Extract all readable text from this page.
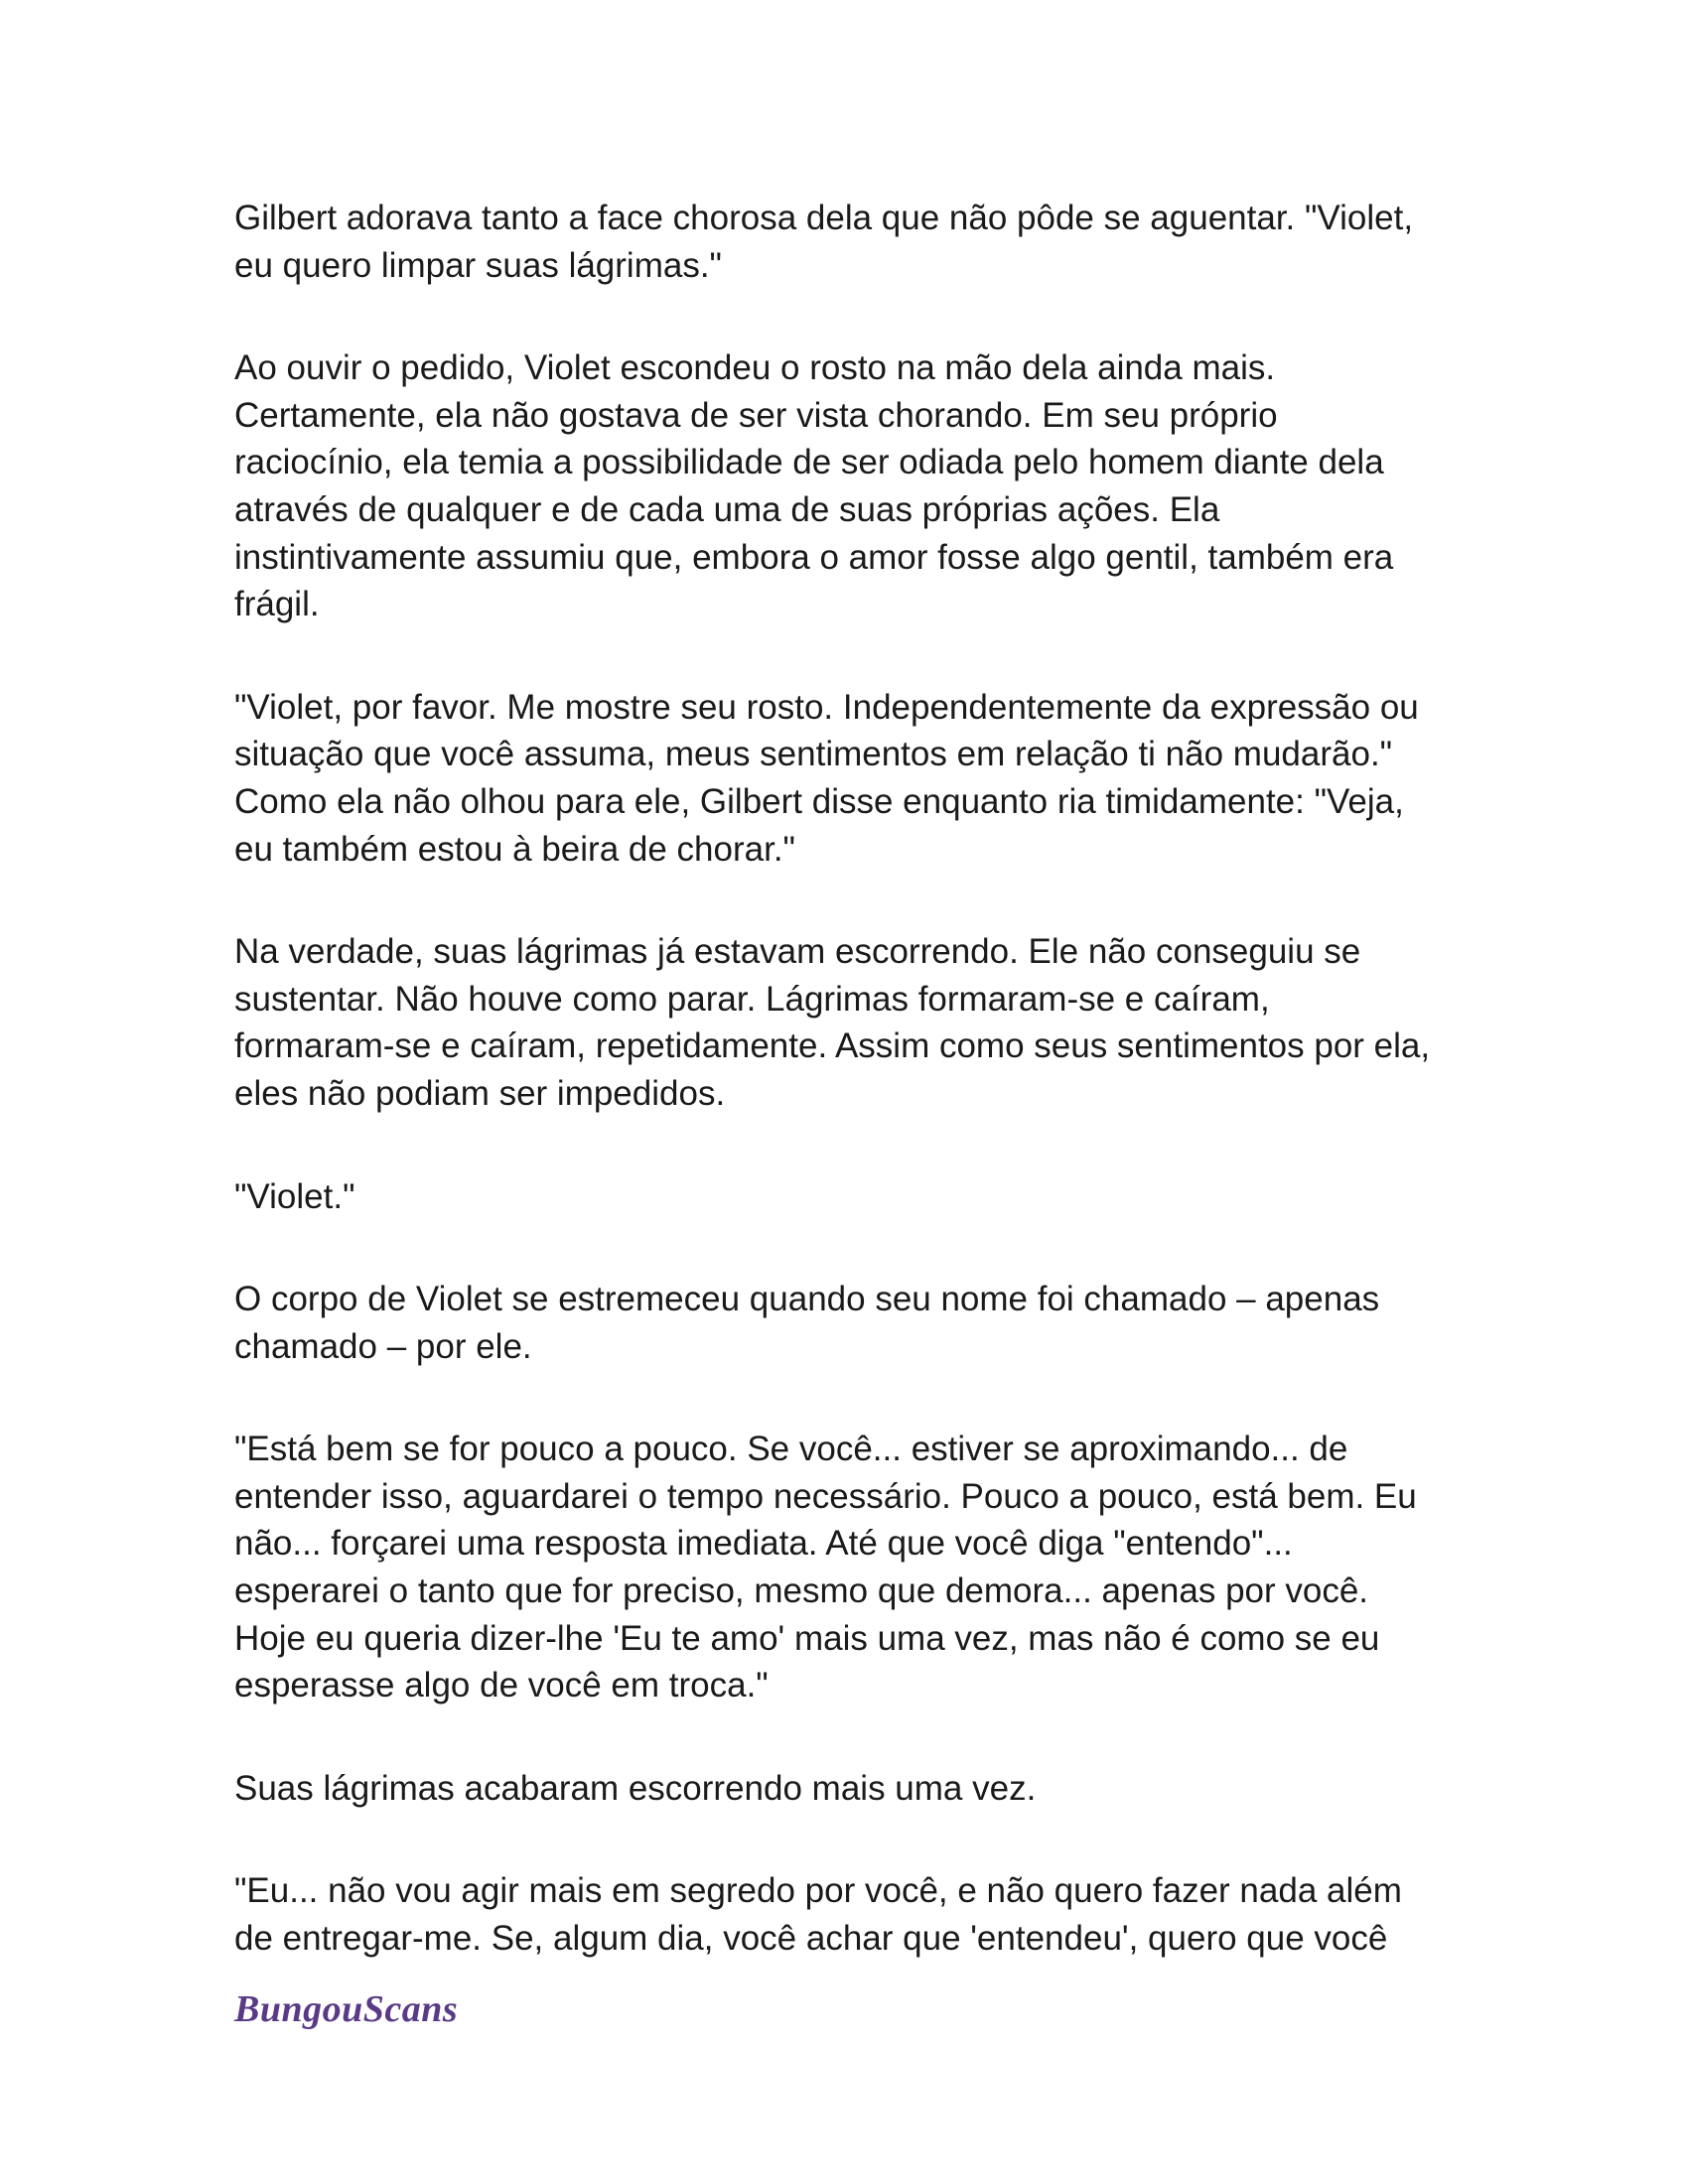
Gilbert adorava tanto a face chorosa dela que não pôde se aguentar. "Violet,
eu quero limpar suas lágrimas."

Ao ouvir o pedido, Violet escondeu o rosto na mão dela ainda mais.
Certamente, ela não gostava de ser vista chorando. Em seu próprio
raciocínio, ela temia a possibilidade de ser odiada pelo homem diante dela
através de qualquer e de cada uma de suas próprias ações. Ela
instintivamente assumiu que, embora o amor fosse algo gentil, também era
frágil.

"Violet, por favor. Me mostre seu rosto. Independentemente da expressão ou
situação que você assuma, meus sentimentos em relação ti não mudarão."
Como ela não olhou para ele, Gilbert disse enquanto ria timidamente: "Veja,
eu também estou à beira de chorar."

Na verdade, suas lágrimas já estavam escorrendo. Ele não conseguiu se
sustentar. Não houve como parar. Lágrimas formaram-se e caíram,
formaram-se e caíram, repetidamente. Assim como seus sentimentos por ela,
eles não podiam ser impedidos.

"Violet."

O corpo de Violet se estremeceu quando seu nome foi chamado – apenas
chamado – por ele.

"Está bem se for pouco a pouco. Se você... estiver se aproximando... de
entender isso, aguardarei o tempo necessário. Pouco a pouco, está bem. Eu
não... forçarei uma resposta imediata. Até que você diga "entendo"...
esperarei o tanto que for preciso, mesmo que demora... apenas por você.
Hoje eu queria dizer-lhe 'Eu te amo' mais uma vez, mas não é como se eu
esperasse algo de você em troca."

Suas lágrimas acabaram escorrendo mais uma vez.

"Eu... não vou agir mais em segredo por você, e não quero fazer nada além
de entregar-me. Se, algum dia, você achar que 'entendeu', quero que você

BungouScans
